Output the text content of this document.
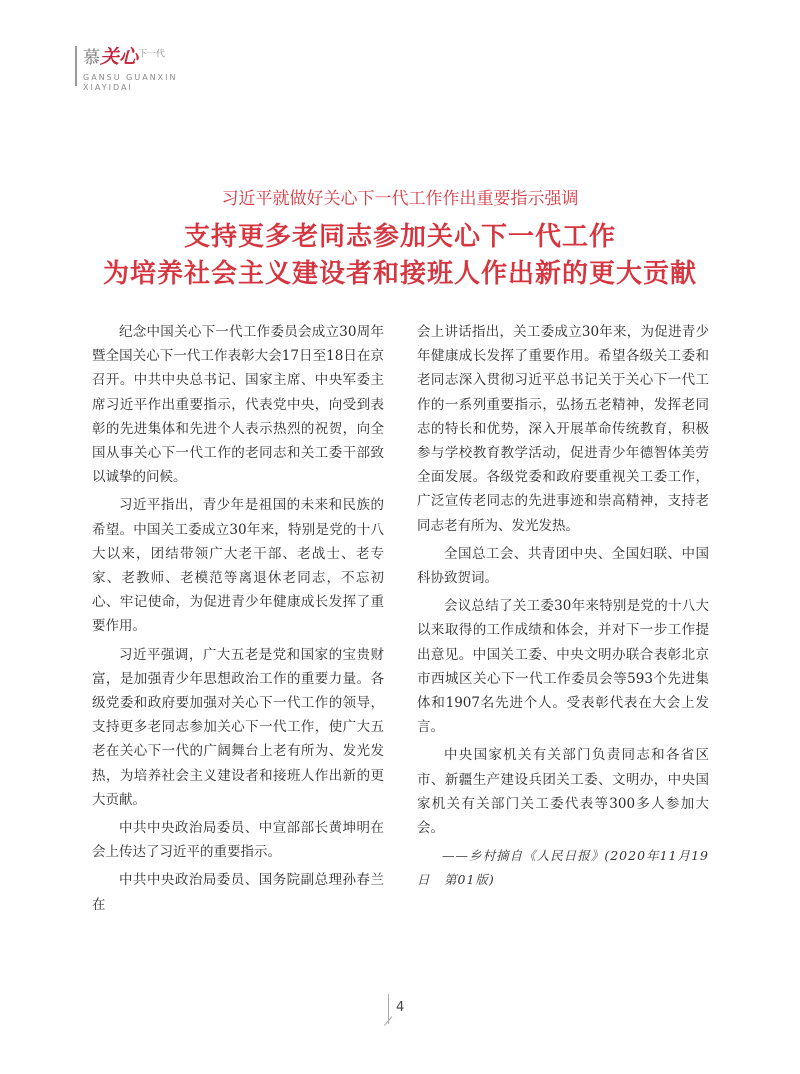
慕关心$^{下一代}$
GANSU GUANXIN
XIAYIDAI
习近平就做好关心下一代工作作出重要指示强调
支持更多老同志参加关心下一代工作
为培养社会主义建设者和接班人作出新的更大贡献

纪念中国关心下一代工作委员会成立30周年暨全国关心下一代工作表彰大会17日至18日在京召开。中共中央总书记、国家主席、中央军委主席习近平作出重要指示，代表党中央，向受到表彰的先进集体和先进个人表示热烈的祝贺，向全国从事关心下一代工作的老同志和关工委干部致以诚挚的问候。

习近平指出，青少年是祖国的未来和民族的希望。中国关工委成立30年来，特别是党的十八大以来，团结带领广大老干部、老战士、老专家、老教师、老模范等离退休老同志，不忘初心、牢记使命，为促进青少年健康成长发挥了重要作用。

习近平强调，广大五老是党和国家的宝贵财富，是加强青少年思想政治工作的重要力量。各级党委和政府要加强对关心下一代工作的领导，支持更多老同志参加关心下一代工作，使广大五老在关心下一代的广阔舞台上老有所为、发光发热，为培养社会主义建设者和接班人作出新的更大贡献。

中共中央政治局委员、中宣部部长黄坤明在会上传达了习近平的重要指示。

中共中央政治局委员、国务院副总理孙春兰在

会上讲话指出，关工委成立30年来，为促进青少年健康成长发挥了重要作用。希望各级关工委和老同志深入贯彻习近平总书记关于关心下一代工作的一系列重要指示，弘扬五老精神，发挥老同志的特长和优势，深入开展革命传统教育，积极参与学校教育教学活动，促进青少年德智体美劳全面发展。各级党委和政府要重视关工委工作，广泛宣传老同志的先进事迹和崇高精神，支持老同志老有所为、发光发热。

全国总工会、共青团中央、全国妇联、中国科协致贺词。

会议总结了关工委30年来特别是党的十八大以来取得的工作成绩和体会，并对下一步工作提出意见。中国关工委、中央文明办联合表彰北京市西城区关心下一代工作委员会等593个先进集体和1907名先进个人。受表彰代表在大会上发言。

中央国家机关有关部门负责同志和各省区市、新疆生产建设兵团关工委、文明办，中央国家机关有关部门关工委代表等300多人参加大会。

——乡村摘自《人民日报》(2020年11月19日　第01版)

4
